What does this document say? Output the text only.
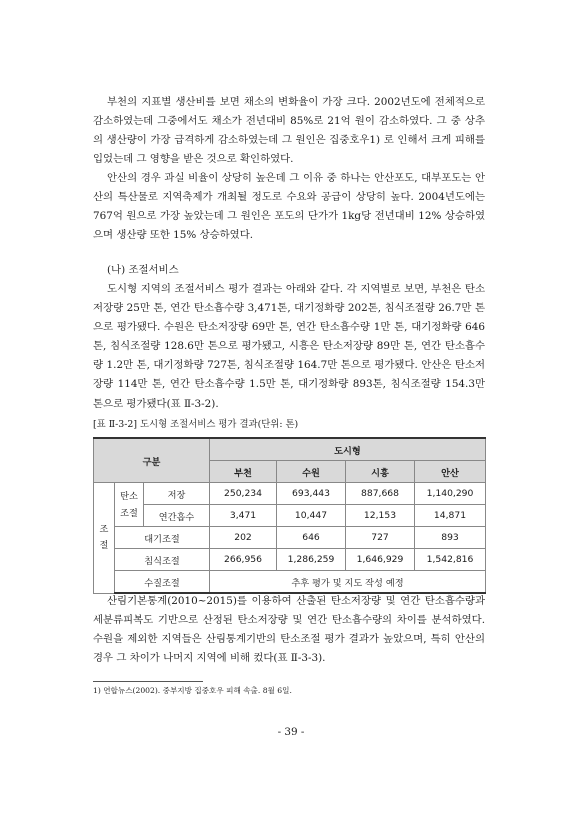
부천의 지표별 생산비를 보면 채소의 변화율이 가장 크다. 2002년도에 전체적으로 감소하였는데 그중에서도 채소가 전년대비 85%로 21억 원이 감소하였다. 그 중 상추의 생산량이 가장 급격하게 감소하였는데 그 원인은 집중호우1) 로 인해서 크게 피해를 입었는데 그 영향을 받은 것으로 확인하였다.

안산의 경우 과실 비율이 상당히 높은데 그 이유 중 하나는 안산포도, 대부포도는 안산의 특산물로 지역축제가 개최될 정도로 수요와 공급이 상당히 높다. 2004년도에는 767억 원으로 가장 높았는데 그 원인은 포도의 단가가 1kg당 전년대비 12% 상승하였으며 생산량 또한 15% 상승하였다.

(나) 조절서비스

도시형 지역의 조절서비스 평가 결과는 아래와 같다. 각 지역별로 보면, 부천은 탄소저장량 25만 톤, 연간 탄소흡수량 3,471톤, 대기정화량 202톤, 침식조절량 26.7만 톤으로 평가됐다. 수원은 탄소저장량 69만 톤, 연간 탄소흡수량 1만 톤, 대기정화량 646톤, 침식조절량 128.6만 톤으로 평가됐고, 시흥은 탄소저장량 89만 톤, 연간 탄소흡수량 1.2만 톤, 대기정화량 727톤, 침식조절량 164.7만 톤으로 평가됐다. 안산은 탄소저장량 114만 톤, 연간 탄소흡수량 1.5만 톤, 대기정화량 893톤, 침식조절량 154.3만 톤으로 평가됐다(표 Ⅱ-3-2).

[표 Ⅱ-3-2] 도시형 조절서비스 평가 결과(단위: 톤)

구분			도시형			
			부천	수원	시흥	안산
조절	탄소조절	저장	250,234	693,443	887,668	1,140,290
		연간흡수	3,471	10,447	12,153	14,871
	대기조절		202	646	727	893
	침식조절		266,956	1,286,259	1,646,929	1,542,816
	수질조절		추후 평가 및 지도 작성 예정			

산림기본통계(2010~2015)를 이용하여 산출된 탄소저장량 및 연간 탄소흡수량과 세분류피복도 기반으로 산정된 탄소저장량 및 연간 탄소흡수량의 차이를 분석하였다. 수원을 제외한 지역들은 산림통계기반의 탄소조절 평가 결과가 높았으며, 특히 안산의 경우 그 차이가 나머지 지역에 비해 컸다(표 Ⅱ-3-3).

1) 연합뉴스(2002). 중부지방 집중호우 피해 속출. 8월 6일.

- 39 -
